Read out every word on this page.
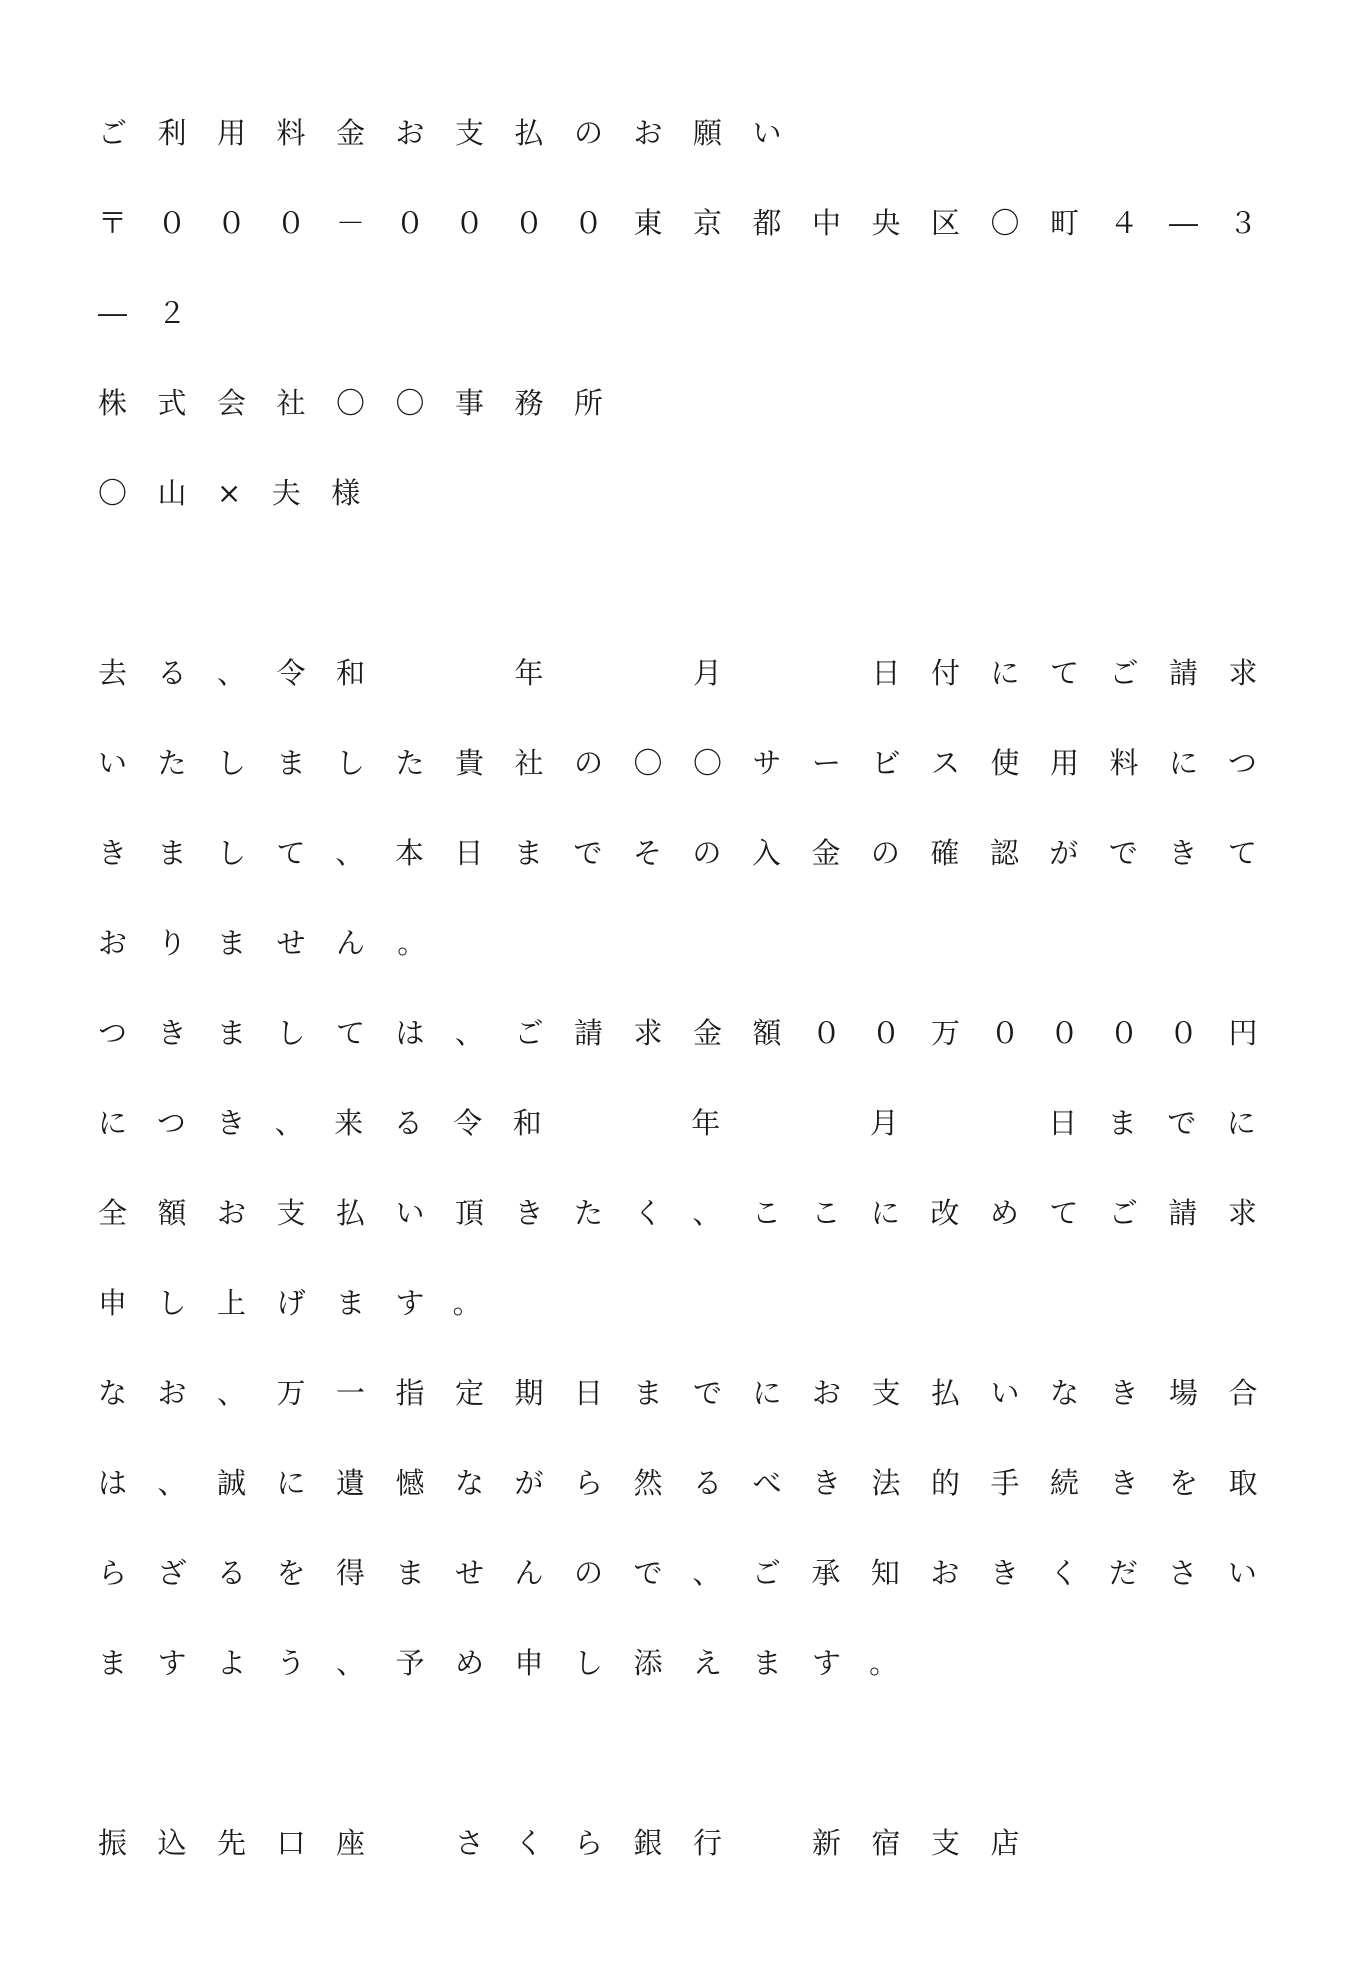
ご利用料金お支払のお願い
〒０００－００００東京都中央区〇町４―３
―２
株式会社〇〇事務所
〇山×夫様
去る、令和　　年　　月　　日付にてご請求
いたしました貴社の〇〇サービス使用料につ
きまして、本日までその入金の確認ができて
おりません。
つきましては、ご請求金額００万００００円
につき、来る令和　　年　　月　　日までに
全額お支払い頂きたく、ここに改めてご請求
申し上げます。
なお、万一指定期日までにお支払いなき場合
は、誠に遺憾ながら然るべき法的手続きを取
らざるを得ませんので、ご承知おきください
ますよう、予め申し添えます。
振込先口座　さくら銀行　新宿支店
